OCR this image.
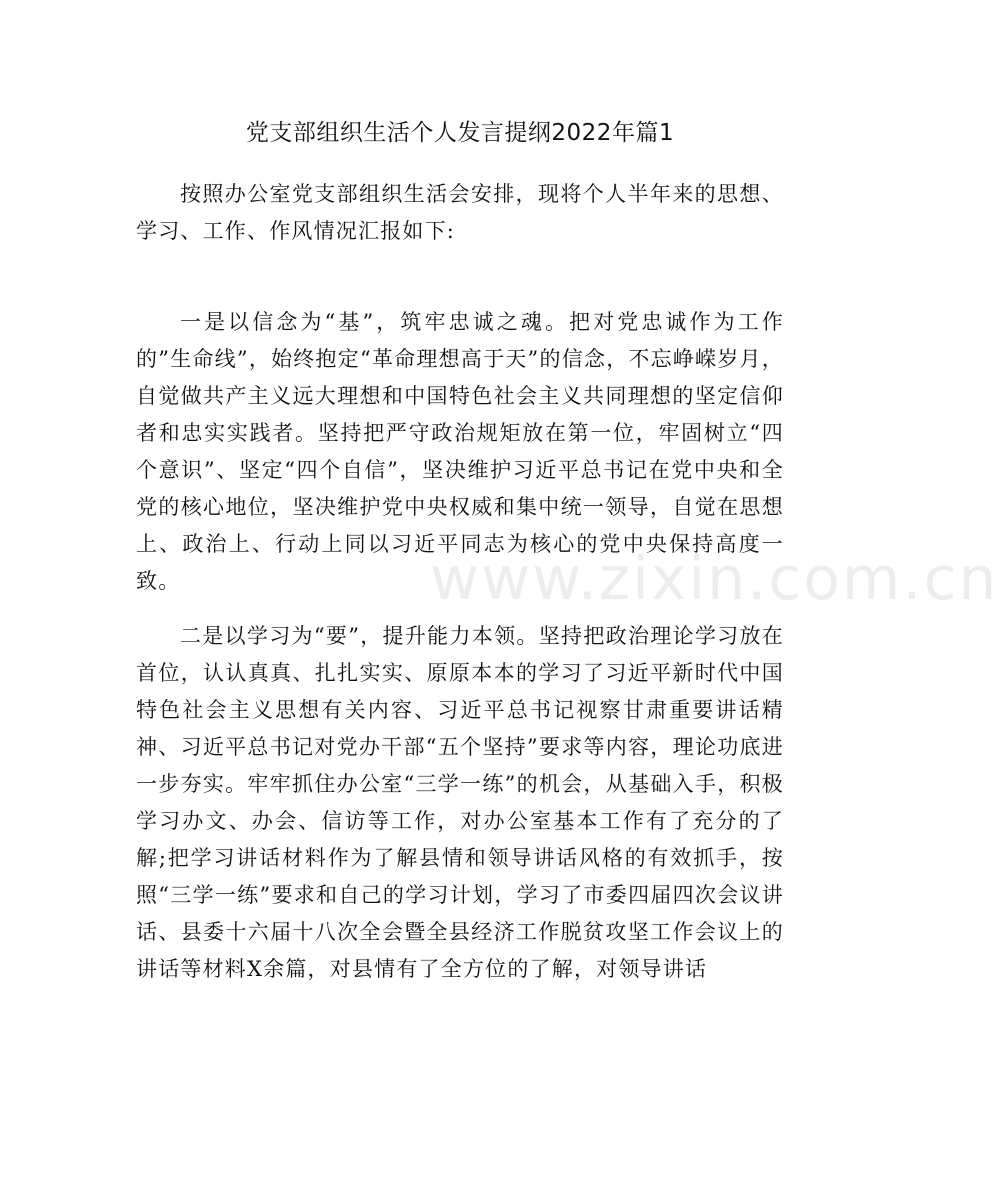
党支部组织生活个人发言提纲2022年篇1

按照办公室党支部组织生活会安排，现将个人半年来的思想、学习、工作、作风情况汇报如下:

一是以信念为“基”，筑牢忠诚之魂。把对党忠诚作为工作的”生命线”，始终抱定“革命理想高于天”的信念，不忘峥嵘岁月，自觉做共产主义远大理想和中国特色社会主义共同理想的坚定信仰者和忠实实践者。坚持把严守政治规矩放在第一位，牢固树立“四个意识”、坚定“四个自信”，坚决维护习近平总书记在党中央和全党的核心地位，坚决维护党中央权威和集中统一领导，自觉在思想上、政治上、行动上同以习近平同志为核心的党中央保持高度一致。

二是以学习为“要”，提升能力本领。坚持把政治理论学习放在首位，认认真真、扎扎实实、原原本本的学习了习近平新时代中国特色社会主义思想有关内容、习近平总书记视察甘肃重要讲话精神、习近平总书记对党办干部“五个坚持”要求等内容，理论功底进一步夯实。牢牢抓住办公室“三学一练”的机会，从基础入手，积极学习办文、办会、信访等工作，对办公室基本工作有了充分的了解;把学习讲话材料作为了解县情和领导讲话风格的有效抓手，按照“三学一练”要求和自己的学习计划，学习了市委四届四次会议讲话、县委十六届十八次全会暨全县经济工作脱贫攻坚工作会议上的讲话等材料X余篇，对县情有了全方位的了解，对领导讲话

www.zixin.com.cn
